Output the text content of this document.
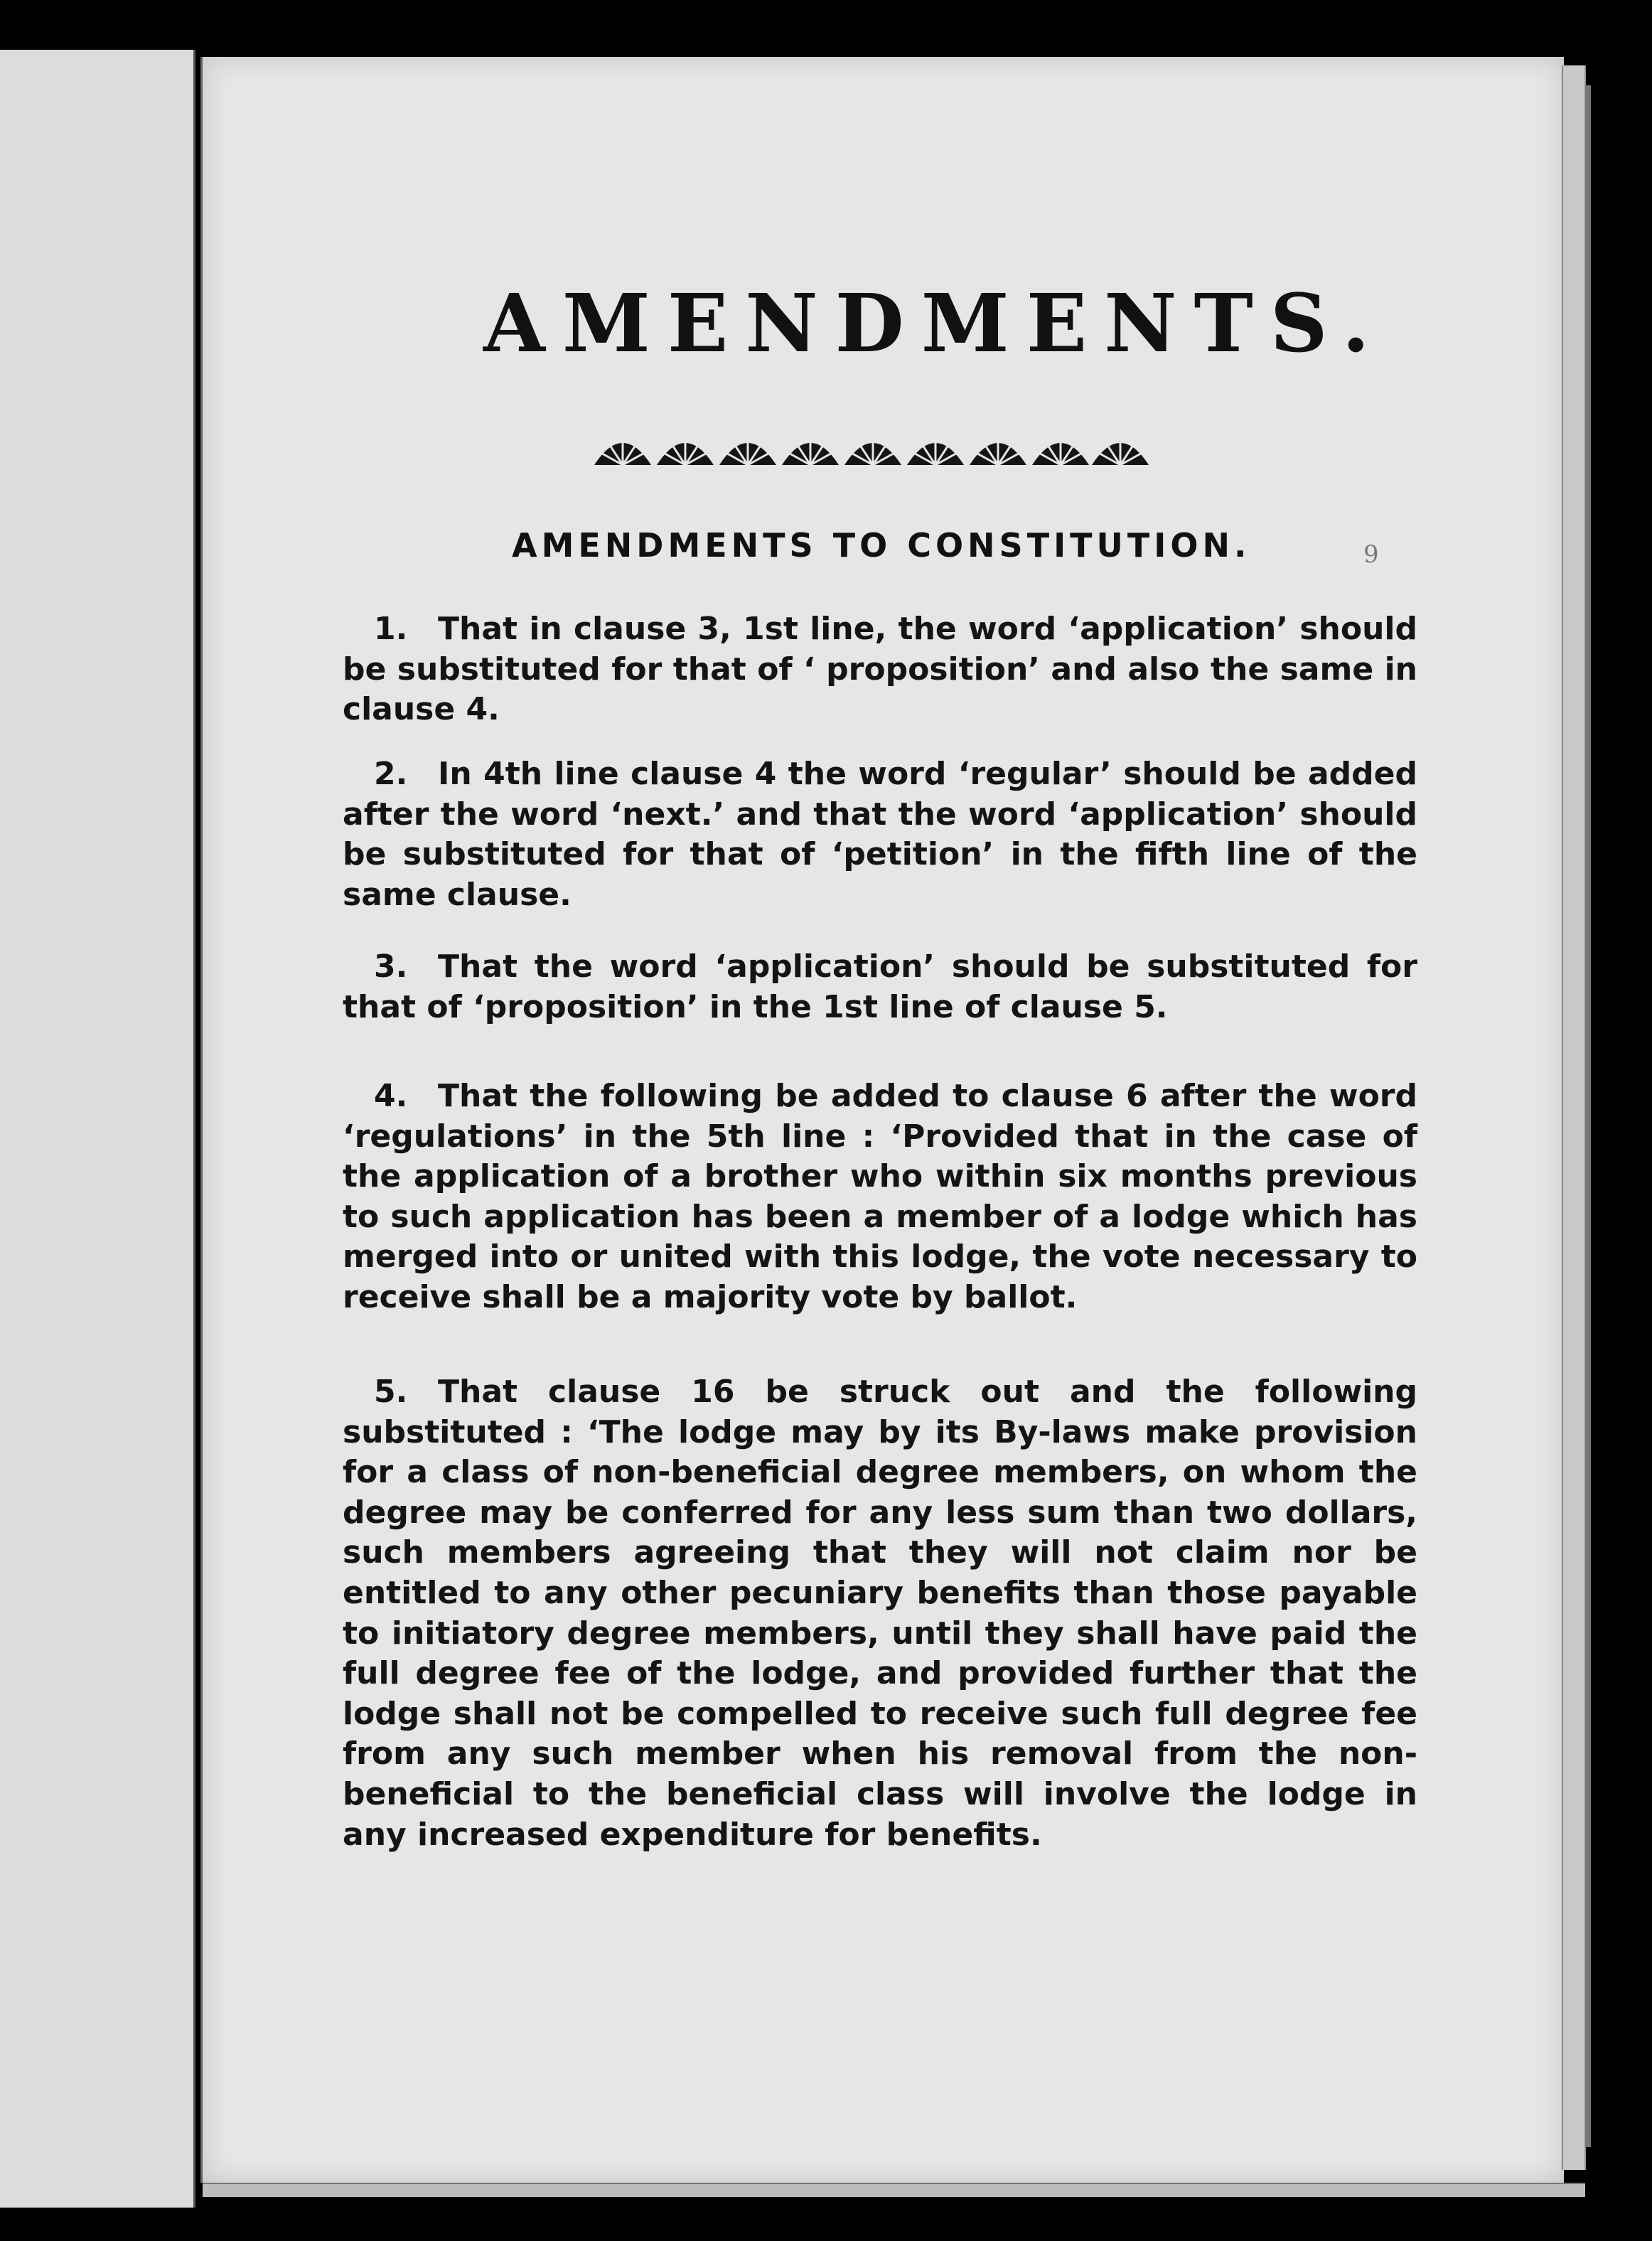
AMENDMENTS.
AMENDMENTS TO CONSTITUTION.	9
1. That in clause 3, 1st line, the word ‘application’ should be substituted for that of ‘ proposition’ and also the same in clause 4.
2. In 4th line clause 4 the word ‘regular’ should be added after the word ‘next.’ and that the word ‘application’ should be substituted for that of ‘petition’ in the fifth line of the same clause.
3. That the word ‘application’ should be substituted for that of ‘proposition’ in the 1st line of clause 5.
4. That the following be added to clause 6 after the word ‘regulations’ in the 5th line : ‘Provided that in the case of the application of a brother who within six months previous to such application has been a member of a lodge which has merged into or united with this lodge, the vote necessary to receive shall be a majority vote by ballot.
5. That clause 16 be struck out and the following substituted : ‘The lodge may by its By-laws make provision for a class of non-beneficial degree members, on whom the degree may be conferred for any less sum than two dollars, such members agreeing that they will not claim nor be entitled to any other pecuniary benefits than those payable to initiatory degree members, until they shall have paid the full degree fee of the lodge, and provided further that the lodge shall not be compelled to receive such full degree fee from any such member when his removal from the non-beneficial to the beneficial class will involve the lodge in any increased expenditure for benefits.
